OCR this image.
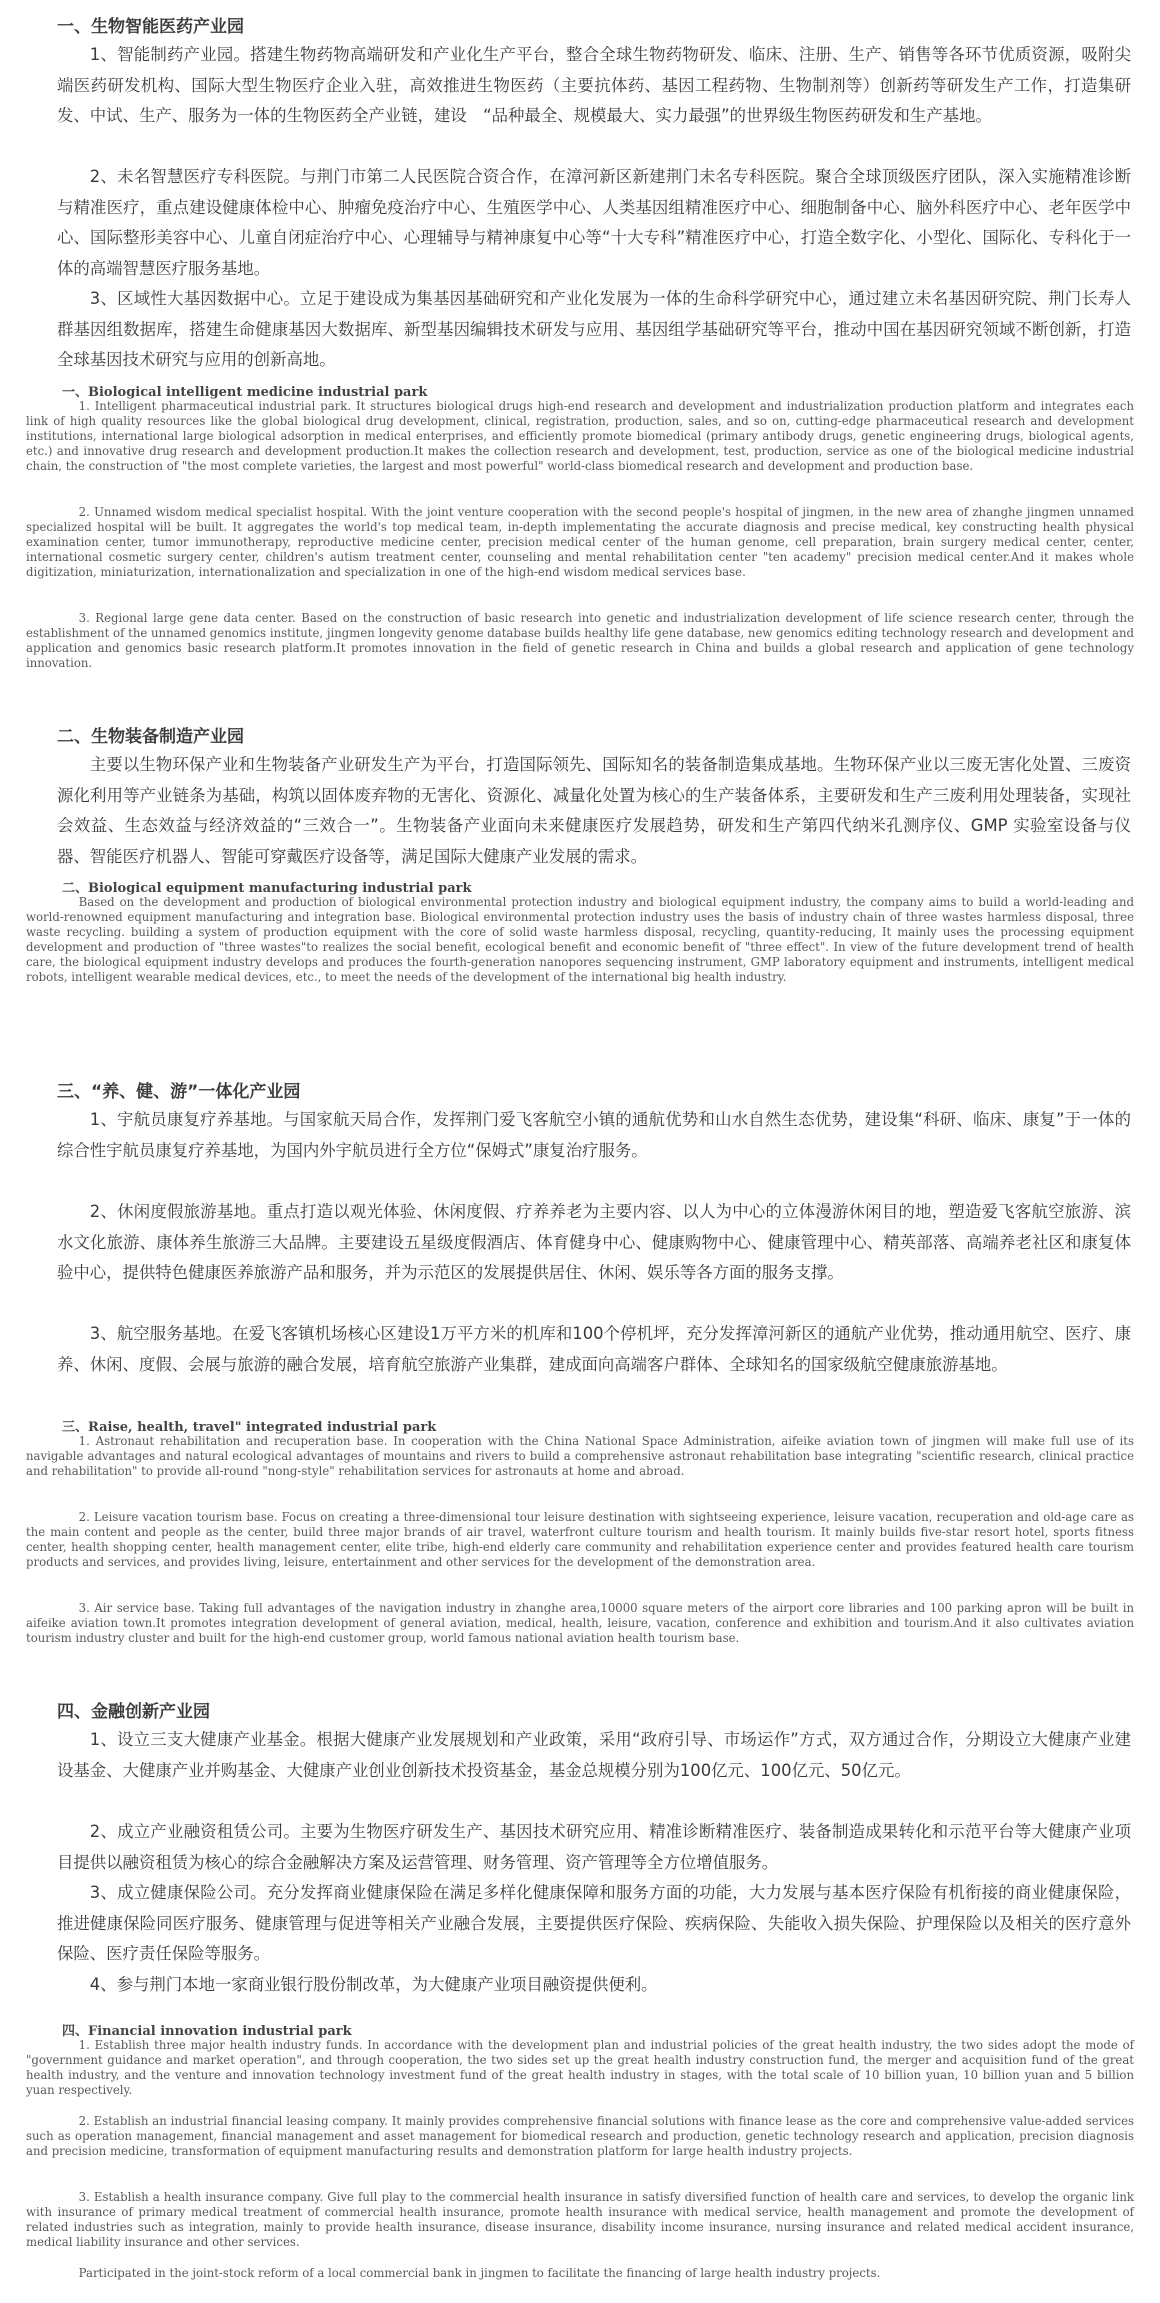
一、生物智能医药产业园

1、智能制药产业园。搭建生物药物高端研发和产业化生产平台，整合全球生物药物研发、临床、注册、生产、销售等各环节优质资源，吸附尖端医药研发机构、国际大型生物医疗企业入驻，高效推进生物医药（主要抗体药、基因工程药物、生物制剂等）创新药等研发生产工作，打造集研发、中试、生产、服务为一体的生物医药全产业链，建设　“品种最全、规模最大、实力最强”的世界级生物医药研发和生产基地。

2、未名智慧医疗专科医院。与荆门市第二人民医院合资合作，在漳河新区新建荆门未名专科医院。聚合全球顶级医疗团队，深入实施精准诊断与精准医疗，重点建设健康体检中心、肿瘤免疫治疗中心、生殖医学中心、人类基因组精准医疗中心、细胞制备中心、脑外科医疗中心、老年医学中心、国际整形美容中心、儿童自闭症治疗中心、心理辅导与精神康复中心等“十大专科”精准医疗中心，打造全数字化、小型化、国际化、专科化于一体的高端智慧医疗服务基地。

3、区域性大基因数据中心。立足于建设成为集基因基础研究和产业化发展为一体的生命科学研究中心，通过建立未名基因研究院、荆门长寿人群基因组数据库，搭建生命健康基因大数据库、新型基因编辑技术研发与应用、基因组学基础研究等平台，推动中国在基因研究领域不断创新，打造全球基因技术研究与应用的创新高地。

一、Biological intelligent medicine industrial park

1. Intelligent pharmaceutical industrial park. It structures biological drugs high-end research and development and industrialization production platform and integrates each link of high quality resources like the global biological drug development, clinical, registration, production, sales, and so on, cutting-edge pharmaceutical research and development institutions, international large biological adsorption in medical enterprises, and efficiently promote biomedical (primary antibody drugs, genetic engineering drugs, biological agents, etc.) and innovative drug research and development production.It makes the collection research and development, test, production, service as one of the biological medicine industrial chain, the construction of "the most complete varieties, the largest and most powerful" world-class biomedical research and development and production base.

2. Unnamed wisdom medical specialist hospital. With the joint venture cooperation with the second people's hospital of jingmen, in the new area of zhanghe jingmen unnamed specialized hospital will be built. It aggregates the world's top medical team, in-depth implementating the accurate diagnosis and precise medical, key constructing health physical examination center, tumor immunotherapy, reproductive medicine center, precision medical center of the human genome, cell preparation, brain surgery medical center, center, international cosmetic surgery center, children's autism treatment center, counseling and mental rehabilitation center "ten academy" precision medical center.And it makes whole digitization, miniaturization, internationalization and specialization in one of the high-end wisdom medical services base.

3. Regional large gene data center. Based on the construction of basic research into genetic and industrialization development of life science research center, through the establishment of the unnamed genomics institute, jingmen longevity genome database builds healthy life gene database, new genomics editing technology research and development and application and genomics basic research platform.It promotes innovation in the field of genetic research in China and builds a global research and application of gene technology innovation.

二、生物装备制造产业园

主要以生物环保产业和生物装备产业研发生产为平台，打造国际领先、国际知名的装备制造集成基地。生物环保产业以三废无害化处置、三废资源化利用等产业链条为基础，构筑以固体废弃物的无害化、资源化、减量化处置为核心的生产装备体系，主要研发和生产三废利用处理装备，实现社会效益、生态效益与经济效益的“三效合一”。生物装备产业面向未来健康医疗发展趋势，研发和生产第四代纳米孔测序仪、GMP 实验室设备与仪器、智能医疗机器人、智能可穿戴医疗设备等，满足国际大健康产业发展的需求。

二、Biological equipment manufacturing industrial park

Based on the development and production of biological environmental protection industry and biological equipment industry, the company aims to build a world-leading and world-renowned equipment manufacturing and integration base. Biological environmental protection industry uses the basis of industry chain of three wastes harmless disposal, three waste recycling. building a system of production equipment with the core of solid waste harmless disposal, recycling, quantity-reducing, It mainly uses the processing equipment development and production of "three wastes"to realizes the social benefit, ecological benefit and economic benefit of "three effect". In view of the future development trend of health care, the biological equipment industry develops and produces the fourth-generation nanopores sequencing instrument, GMP laboratory equipment and instruments, intelligent medical robots, intelligent wearable medical devices, etc., to meet the needs of the development of the international big health industry.

三、“养、健、游”一体化产业园

1、宇航员康复疗养基地。与国家航天局合作，发挥荆门爱飞客航空小镇的通航优势和山水自然生态优势，建设集“科研、临床、康复”于一体的综合性宇航员康复疗养基地，为国内外宇航员进行全方位“保姆式”康复治疗服务。

2、休闲度假旅游基地。重点打造以观光体验、休闲度假、疗养养老为主要内容、以人为中心的立体漫游休闲目的地，塑造爱飞客航空旅游、滨水文化旅游、康体养生旅游三大品牌。主要建设五星级度假酒店、体育健身中心、健康购物中心、健康管理中心、精英部落、高端养老社区和康复体验中心，提供特色健康医养旅游产品和服务，并为示范区的发展提供居住、休闲、娱乐等各方面的服务支撑。

3、航空服务基地。在爱飞客镇机场核心区建设1万平方米的机库和100个停机坪，充分发挥漳河新区的通航产业优势，推动通用航空、医疗、康养、休闲、度假、会展与旅游的融合发展，培育航空旅游产业集群，建成面向高端客户群体、全球知名的国家级航空健康旅游基地。

三、Raise, health, travel" integrated industrial park

1. Astronaut rehabilitation and recuperation base. In cooperation with the China National Space Administration, aifeike aviation town of jingmen will make full use of its navigable advantages and natural ecological advantages of mountains and rivers to build a comprehensive astronaut rehabilitation base integrating "scientific research, clinical practice and rehabilitation" to provide all-round "nong-style" rehabilitation services for astronauts at home and abroad.

2. Leisure vacation tourism base. Focus on creating a three-dimensional tour leisure destination with sightseeing experience, leisure vacation, recuperation and old-age care as the main content and people as the center, build three major brands of air travel, waterfront culture tourism and health tourism. It mainly builds five-star resort hotel, sports fitness center, health shopping center, health management center, elite tribe, high-end elderly care community and rehabilitation experience center and provides featured health care tourism products and services, and provides living, leisure, entertainment and other services for the development of the demonstration area.

3. Air service base. Taking full advantages of the navigation industry in zhanghe area,10000 square meters of the airport core libraries and 100 parking apron will be built in aifeike aviation town.It promotes integration development of general aviation, medical, health, leisure, vacation, conference and exhibition and tourism.And it also cultivates aviation tourism industry cluster and built for the high-end customer group, world famous national aviation health tourism base.

四、金融创新产业园

1、设立三支大健康产业基金。根据大健康产业发展规划和产业政策，采用“政府引导、市场运作”方式，双方通过合作，分期设立大健康产业建设基金、大健康产业并购基金、大健康产业创业创新技术投资基金，基金总规模分别为100亿元、100亿元、50亿元。

2、成立产业融资租赁公司。主要为生物医疗研发生产、基因技术研究应用、精准诊断精准医疗、装备制造成果转化和示范平台等大健康产业项目提供以融资租赁为核心的综合金融解决方案及运营管理、财务管理、资产管理等全方位增值服务。

3、成立健康保险公司。充分发挥商业健康保险在满足多样化健康保障和服务方面的功能，大力发展与基本医疗保险有机衔接的商业健康保险，推进健康保险同医疗服务、健康管理与促进等相关产业融合发展，主要提供医疗保险、疾病保险、失能收入损失保险、护理保险以及相关的医疗意外保险、医疗责任保险等服务。

4、参与荆门本地一家商业银行股份制改革，为大健康产业项目融资提供便利。

四、Financial innovation industrial park

1. Establish three major health industry funds. In accordance with the development plan and industrial policies of the great health industry, the two sides adopt the mode of "government guidance and market operation", and through cooperation, the two sides set up the great health industry construction fund, the merger and acquisition fund of the great health industry, and the venture and innovation technology investment fund of the great health industry in stages, with the total scale of 10 billion yuan, 10 billion yuan and 5 billion yuan respectively.

2. Establish an industrial financial leasing company. It mainly provides comprehensive financial solutions with finance lease as the core and comprehensive value-added services such as operation management, financial management and asset management for biomedical research and production, genetic technology research and application, precision diagnosis and precision medicine, transformation of equipment manufacturing results and demonstration platform for large health industry projects.

3. Establish a health insurance company. Give full play to the commercial health insurance in satisfy diversified function of health care and services, to develop the organic link with insurance of primary medical treatment of commercial health insurance, promote health insurance with medical service, health management and promote the development of related industries such as integration, mainly to provide health insurance, disease insurance, disability income insurance, nursing insurance and related medical accident insurance, medical liability insurance and other services.

Participated in the joint-stock reform of a local commercial bank in jingmen to facilitate the financing of large health industry projects.
